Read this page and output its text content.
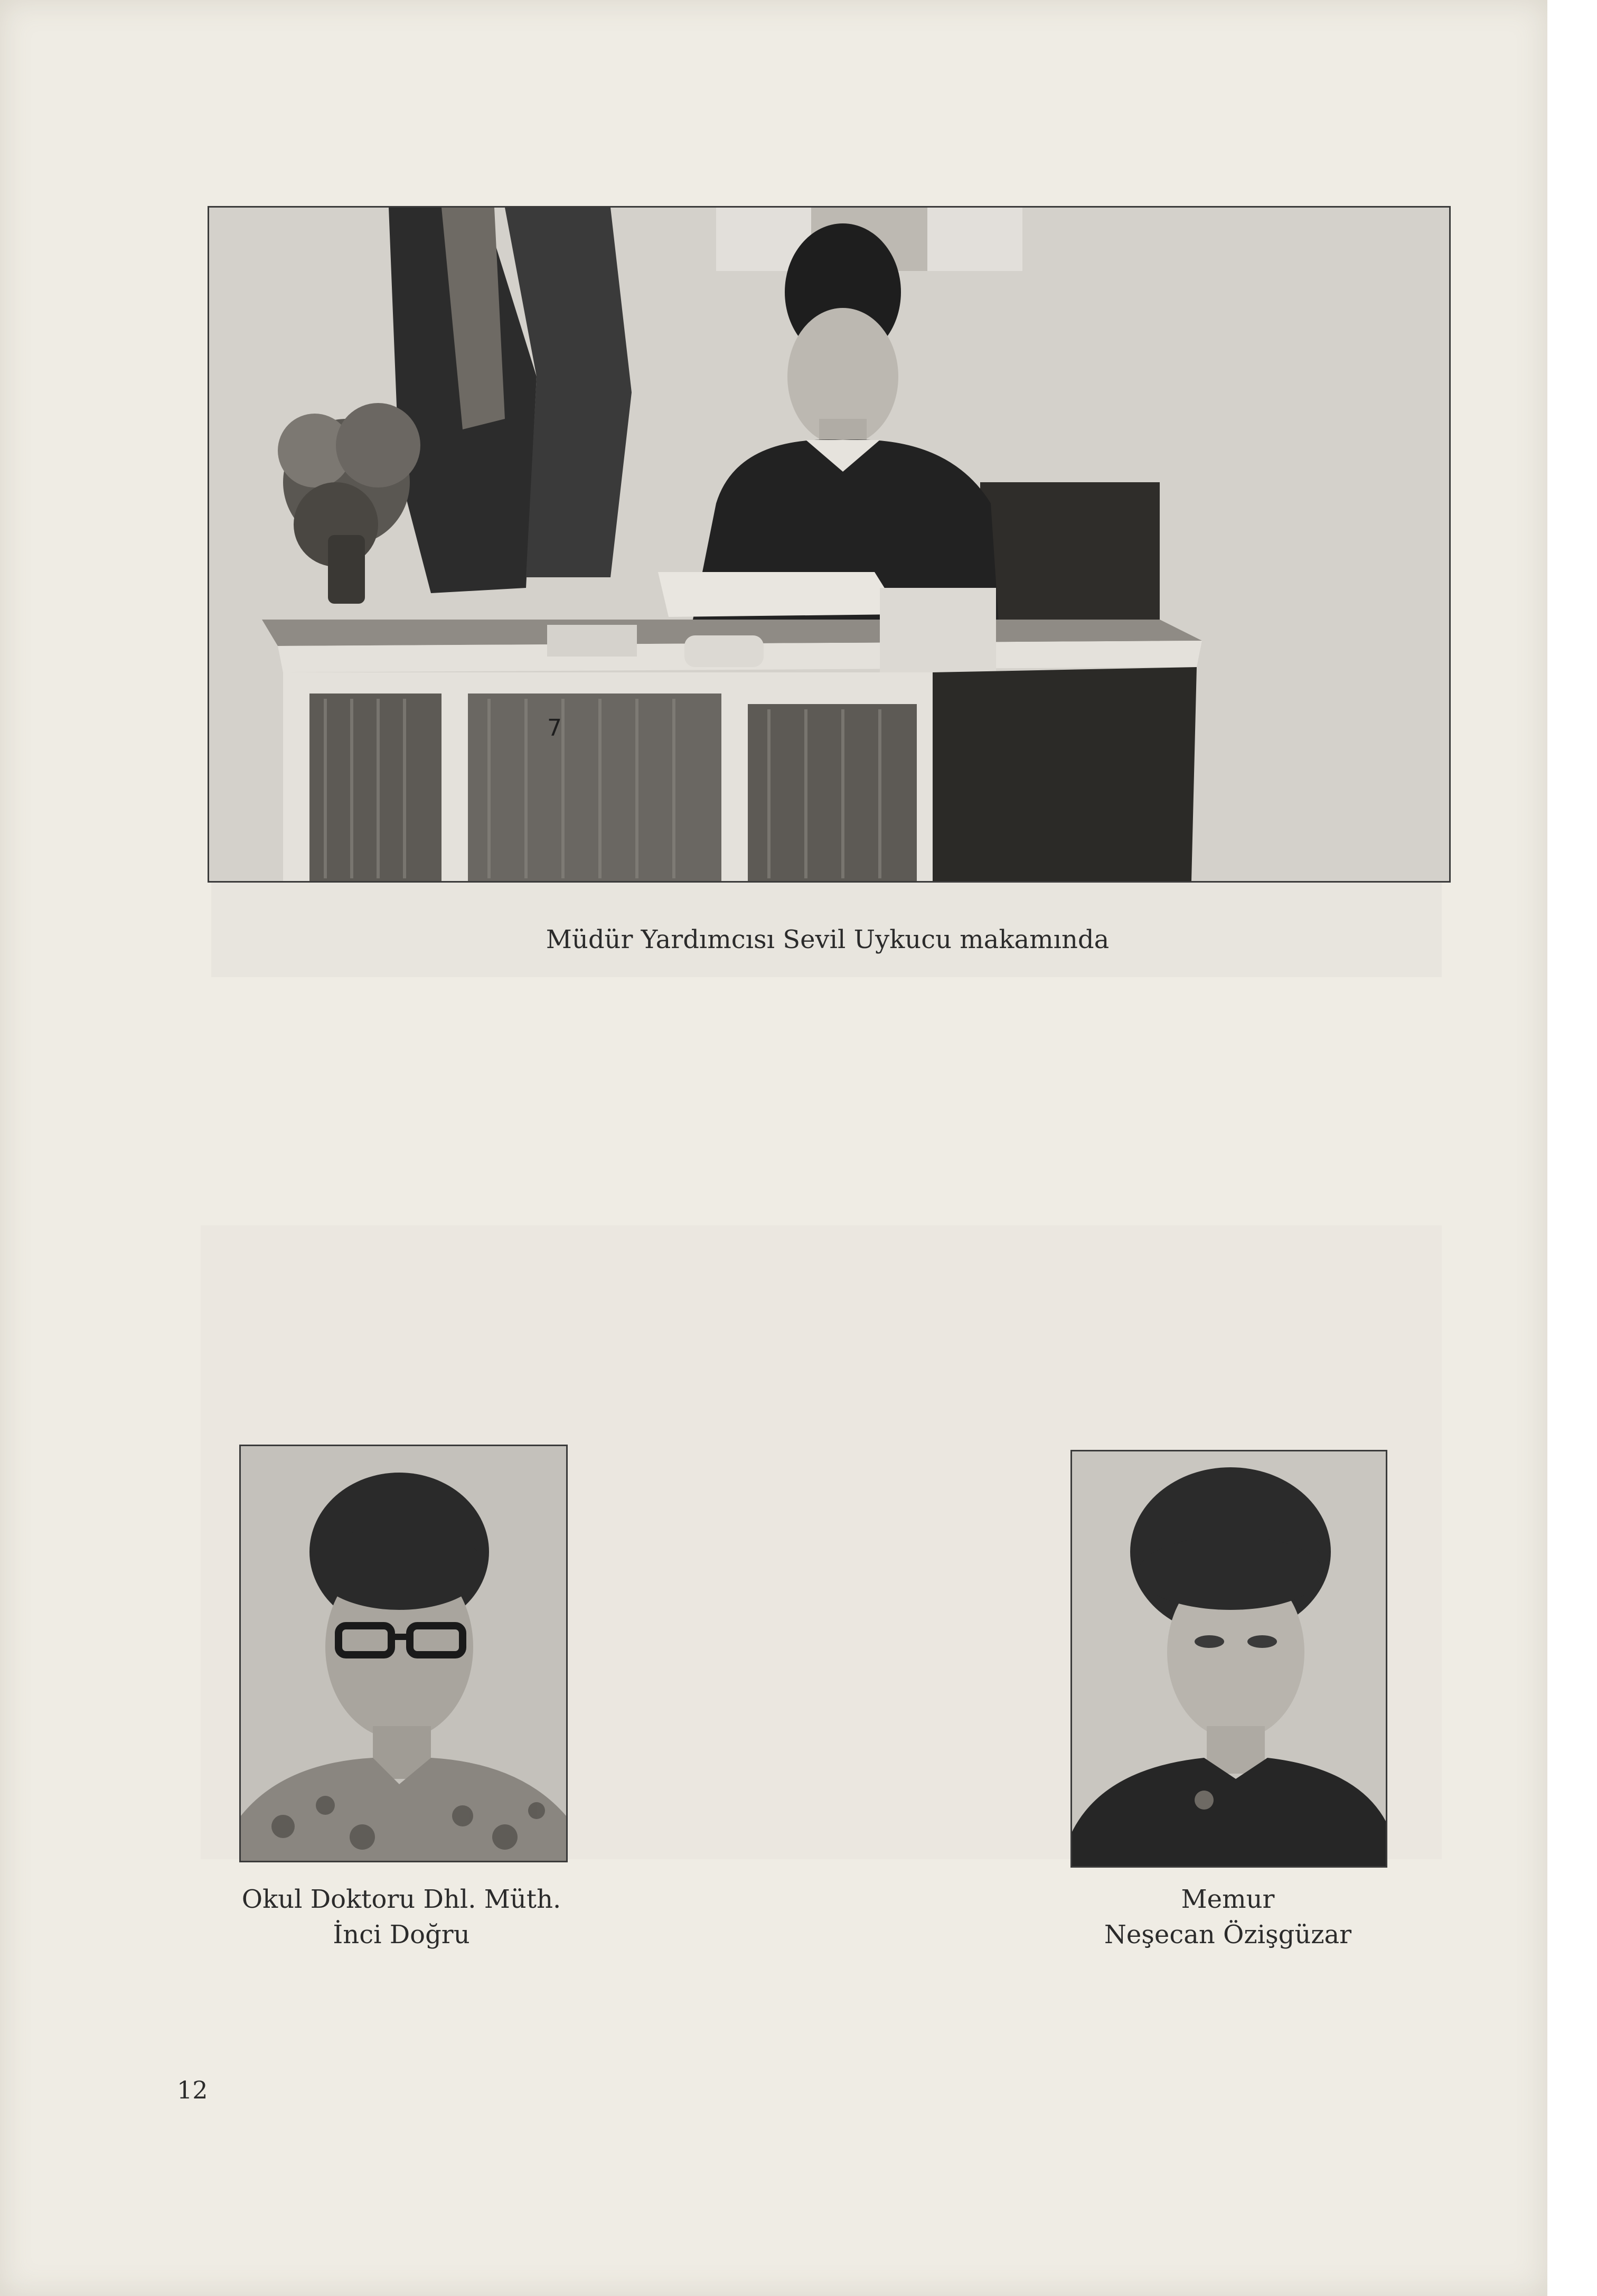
7
Müdür Yardımcısı Sevil Uykucu makamında
Okul Doktoru Dhl. Müth.
İnci Doğru
Memur
Neşecan Özişgüzar
12
